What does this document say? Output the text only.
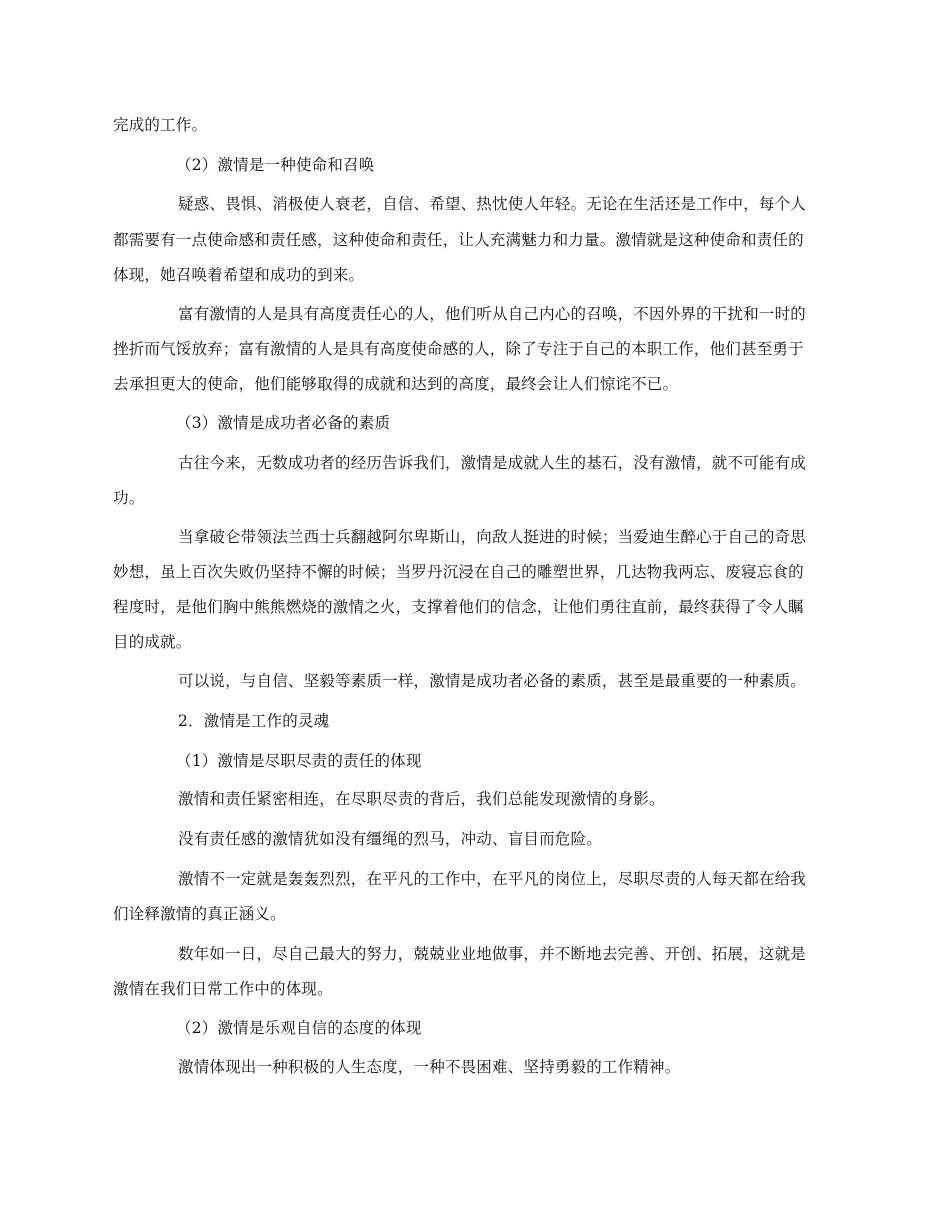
完成的工作。
（2）激情是一种使命和召唤
疑惑、畏惧、消极使人衰老，自信、希望、热忱使人年轻。无论在生活还是工作中，每个人
都需要有一点使命感和责任感，这种使命和责任，让人充满魅力和力量。激情就是这种使命和责任的
体现，她召唤着希望和成功的到来。
富有激情的人是具有高度责任心的人，他们听从自己内心的召唤，不因外界的干扰和一时的
挫折而气馁放弃；富有激情的人是具有高度使命感的人，除了专注于自己的本职工作，他们甚至勇于
去承担更大的使命，他们能够取得的成就和达到的高度，最终会让人们惊诧不已。
（3）激情是成功者必备的素质
古往今来，无数成功者的经历告诉我们，激情是成就人生的基石，没有激情，就不可能有成
功。
当拿破仑带领法兰西士兵翻越阿尔卑斯山，向敌人挺进的时候；当爱迪生醉心于自己的奇思
妙想，虽上百次失败仍坚持不懈的时候；当罗丹沉浸在自己的雕塑世界，几达物我两忘、废寝忘食的
程度时，是他们胸中熊熊燃烧的激情之火，支撑着他们的信念，让他们勇往直前，最终获得了令人瞩
目的成就。
可以说，与自信、坚毅等素质一样，激情是成功者必备的素质，甚至是最重要的一种素质。
2．激情是工作的灵魂
（1）激情是尽职尽责的责任的体现
激情和责任紧密相连，在尽职尽责的背后，我们总能发现激情的身影。
没有责任感的激情犹如没有缰绳的烈马，冲动、盲目而危险。
激情不一定就是轰轰烈烈，在平凡的工作中，在平凡的岗位上，尽职尽责的人每天都在给我
们诠释激情的真正涵义。
数年如一日，尽自己最大的努力，兢兢业业地做事，并不断地去完善、开创、拓展，这就是
激情在我们日常工作中的体现。
（2）激情是乐观自信的态度的体现
激情体现出一种积极的人生态度，一种不畏困难、坚持勇毅的工作精神。
